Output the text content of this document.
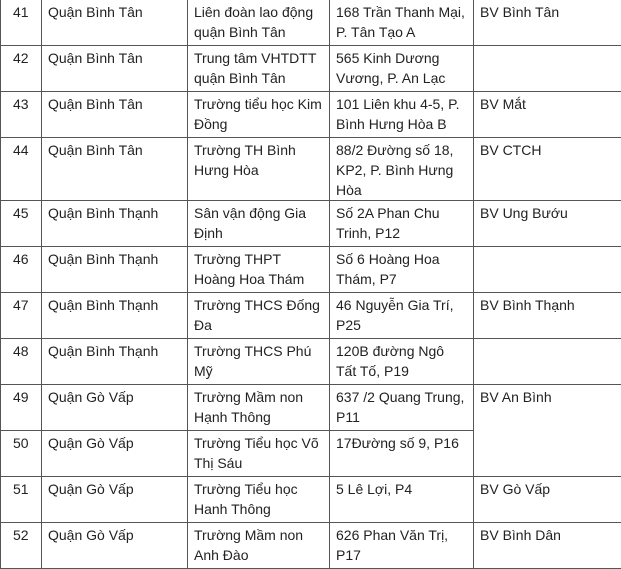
41	Quận Bình Tân	Liên đoàn lao động quận Bình Tân	168 Trần Thanh Mại, P. Tân Tạo A	BV Bình Tân
42	Quận Bình Tân	Trung tâm VHTDTT quận Bình Tân	565 Kinh Dương Vương, P. An Lạc	
43	Quận Bình Tân	Trường tiểu học Kim Đồng	101 Liên khu 4-5, P. Bình Hưng Hòa B	BV Mắt
44	Quận Bình Tân	Trường TH Bình Hưng Hòa	88/2 Đường số 18, KP2, P. Bình Hưng Hòa	BV CTCH
45	Quận Bình Thạnh	Sân vận động Gia Định	Số 2A Phan Chu Trinh, P12	BV Ung Bướu
46	Quận Bình Thạnh	Trường THPT Hoàng Hoa Thám	Số 6 Hoàng Hoa Thám, P7	
47	Quận Bình Thạnh	Trường THCS Đống Đa	46 Nguyễn Gia Trí, P25	BV Bình Thạnh
48	Quận Bình Thạnh	Trường THCS Phú Mỹ	120B đường Ngô Tất Tố, P19	
49	Quận Gò Vấp	Trường Mầm non Hạnh Thông	637 /2 Quang Trung, P11	BV An Bình
50	Quận Gò Vấp	Trường Tiểu học Võ Thị Sáu	17Đường số 9, P16	
51	Quận Gò Vấp	Trường Tiểu học Hanh Thông	5 Lê Lợi, P4	BV Gò Vấp
52	Quận Gò Vấp	Trường Mầm non Anh Đào	626 Phan Văn Trị, P17	BV Bình Dân
